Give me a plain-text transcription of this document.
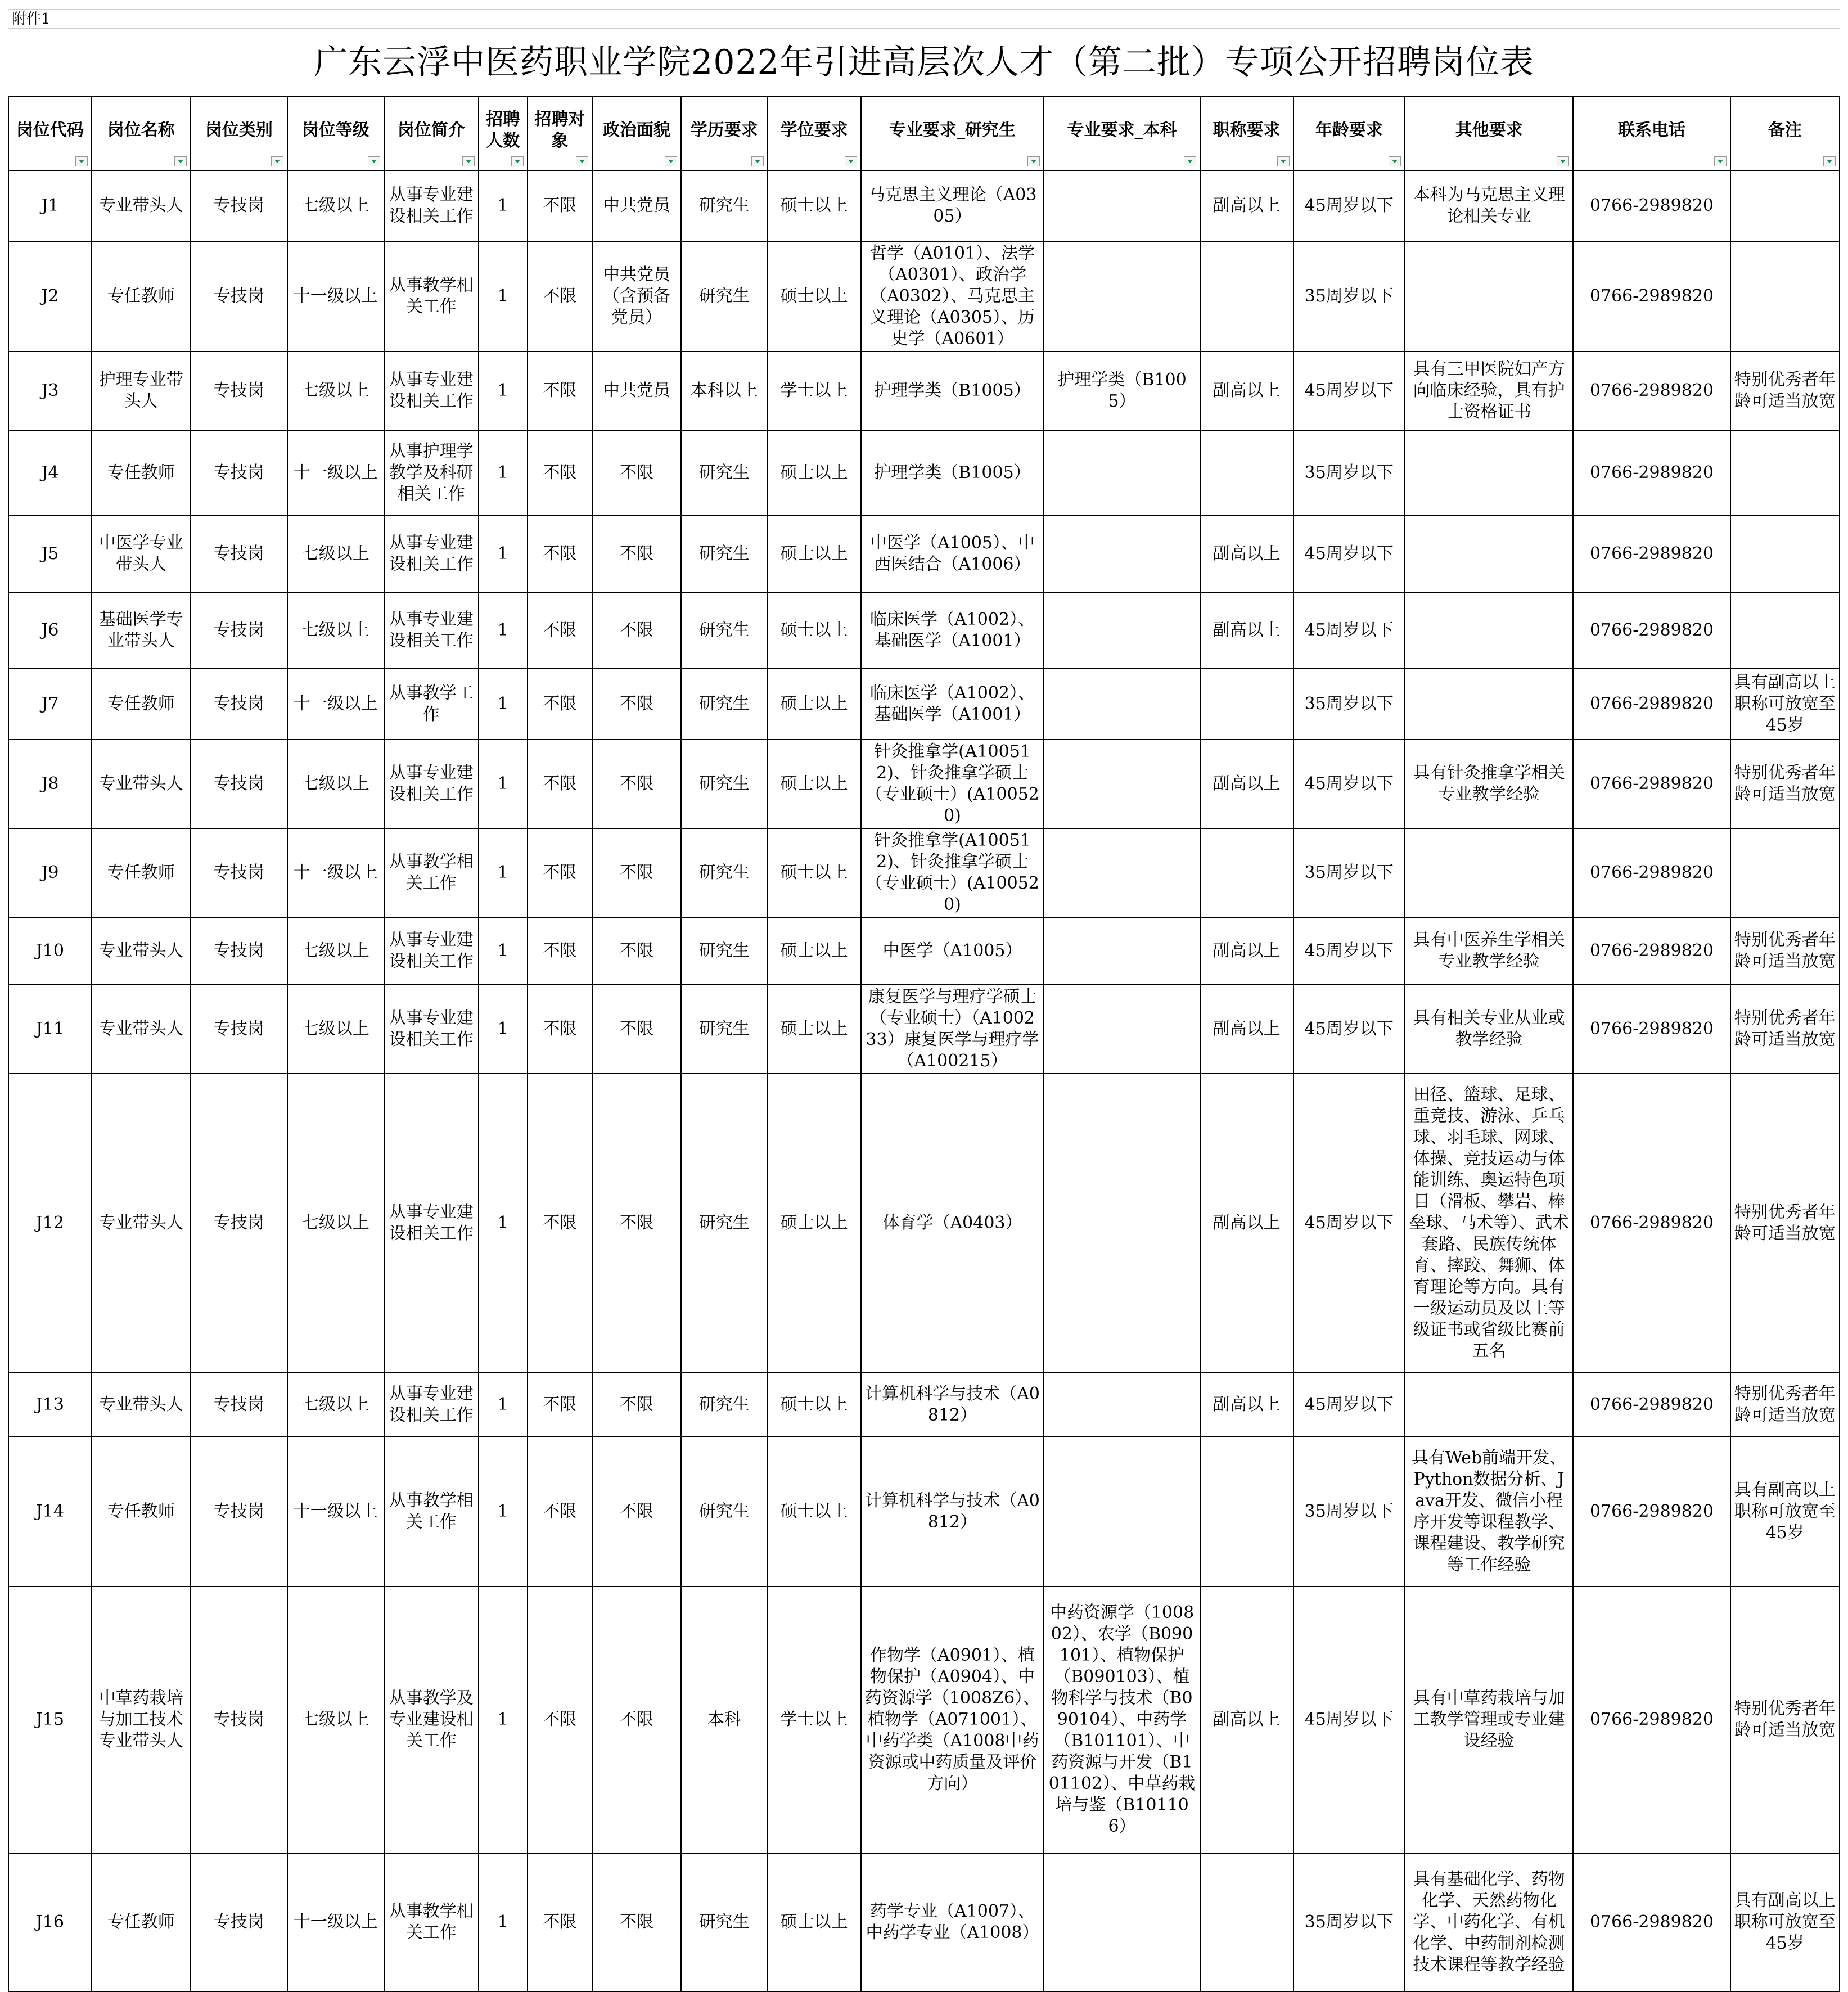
附件1
广东云浮中医药职业学院2022年引进高层次人才（第二批）专项公开招聘岗位表
岗位代码	岗位名称	岗位类别	岗位等级	岗位简介	招聘人数	招聘对象	政治面貌	学历要求	学位要求	专业要求_研究生	专业要求_本科	职称要求	年龄要求	其他要求	联系电话	备注

J1	专业带头人	专技岗	七级以上	从事专业建设相关工作	1	不限	中共党员	研究生	硕士以上	马克思主义理论（A0305）		副高以上	45周岁以下	本科为马克思主义理论相关专业	0766-2989820	
J2	专任教师	专技岗	十一级以上	从事教学相关工作	1	不限	中共党员（含预备党员）	研究生	硕士以上	哲学（A0101）、法学（A0301）、政治学（A0302）、马克思主义理论（A0305）、历史学（A0601）			35周岁以下		0766-2989820	
J3	护理专业带头人	专技岗	七级以上	从事专业建设相关工作	1	不限	中共党员	本科以上	学士以上	护理学类（B1005）	护理学类（B1005）	副高以上	45周岁以下	具有三甲医院妇产方向临床经验，具有护士资格证书	0766-2989820	特别优秀者年龄可适当放宽
J4	专任教师	专技岗	十一级以上	从事护理学教学及科研相关工作	1	不限	不限	研究生	硕士以上	护理学类（B1005）			35周岁以下		0766-2989820	
J5	中医学专业带头人	专技岗	七级以上	从事专业建设相关工作	1	不限	不限	研究生	硕士以上	中医学（A1005）、中西医结合（A1006）		副高以上	45周岁以下		0766-2989820	
J6	基础医学专业带头人	专技岗	七级以上	从事专业建设相关工作	1	不限	不限	研究生	硕士以上	临床医学（A1002）、基础医学（A1001）		副高以上	45周岁以下		0766-2989820	
J7	专任教师	专技岗	十一级以上	从事教学工作	1	不限	不限	研究生	硕士以上	临床医学（A1002）、基础医学（A1001）			35周岁以下		0766-2989820	具有副高以上职称可放宽至45岁
J8	专业带头人	专技岗	七级以上	从事专业建设相关工作	1	不限	不限	研究生	硕士以上	针灸推拿学(A100512)、针灸推拿学硕士（专业硕士）(A100520)		副高以上	45周岁以下	具有针灸推拿学相关专业教学经验	0766-2989820	特别优秀者年龄可适当放宽
J9	专任教师	专技岗	十一级以上	从事教学相关工作	1	不限	不限	研究生	硕士以上	针灸推拿学(A100512)、针灸推拿学硕士（专业硕士）(A100520)			35周岁以下		0766-2989820	
J10	专业带头人	专技岗	七级以上	从事专业建设相关工作	1	不限	不限	研究生	硕士以上	中医学（A1005）		副高以上	45周岁以下	具有中医养生学相关专业教学经验	0766-2989820	特别优秀者年龄可适当放宽
J11	专业带头人	专技岗	七级以上	从事专业建设相关工作	1	不限	不限	研究生	硕士以上	康复医学与理疗学硕士（专业硕士）（A100233）康复医学与理疗学（A100215）		副高以上	45周岁以下	具有相关专业从业或教学经验	0766-2989820	特别优秀者年龄可适当放宽
J12	专业带头人	专技岗	七级以上	从事专业建设相关工作	1	不限	不限	研究生	硕士以上	体育学（A0403）		副高以上	45周岁以下	田径、篮球、足球、重竞技、游泳、乒乓球、羽毛球、网球、体操、竞技运动与体能训练、奥运特色项目（滑板、攀岩、棒垒球、马术等）、武术套路、民族传统体育、摔跤、舞狮、体育理论等方向。具有一级运动员及以上等级证书或省级比赛前五名	0766-2989820	特别优秀者年龄可适当放宽
J13	专业带头人	专技岗	七级以上	从事专业建设相关工作	1	不限	不限	研究生	硕士以上	计算机科学与技术（A0812）		副高以上	45周岁以下		0766-2989820	特别优秀者年龄可适当放宽
J14	专任教师	专技岗	十一级以上	从事教学相关工作	1	不限	不限	研究生	硕士以上	计算机科学与技术（A0812）			35周岁以下	具有Web前端开发、Python数据分析、Java开发、微信小程序开发等课程教学、课程建设、教学研究等工作经验	0766-2989820	具有副高以上职称可放宽至45岁
J15	中草药栽培与加工技术专业带头人	专技岗	七级以上	从事教学及专业建设相关工作	1	不限	不限	本科	学士以上	作物学（A0901）、植物保护（A0904）、中药资源学（1008Z6）、植物学（A071001）、中药学类（A1008中药资源或中药质量及评价方向）	中药资源学（100802）、农学（B090101）、植物保护（B090103）、植物科学与技术（B090104）、中药学（B101101）、中药资源与开发（B101102）、中草药栽培与鉴（B101106）	副高以上	45周岁以下	具有中草药栽培与加工教学管理或专业建设经验	0766-2989820	特别优秀者年龄可适当放宽
J16	专任教师	专技岗	十一级以上	从事教学相关工作	1	不限	不限	研究生	硕士以上	药学专业（A1007）、中药学专业（A1008）			35周岁以下	具有基础化学、药物化学、天然药物化学、中药化学、有机化学、中药制剂检测技术课程等教学经验	0766-2989820	具有副高以上职称可放宽至45岁
